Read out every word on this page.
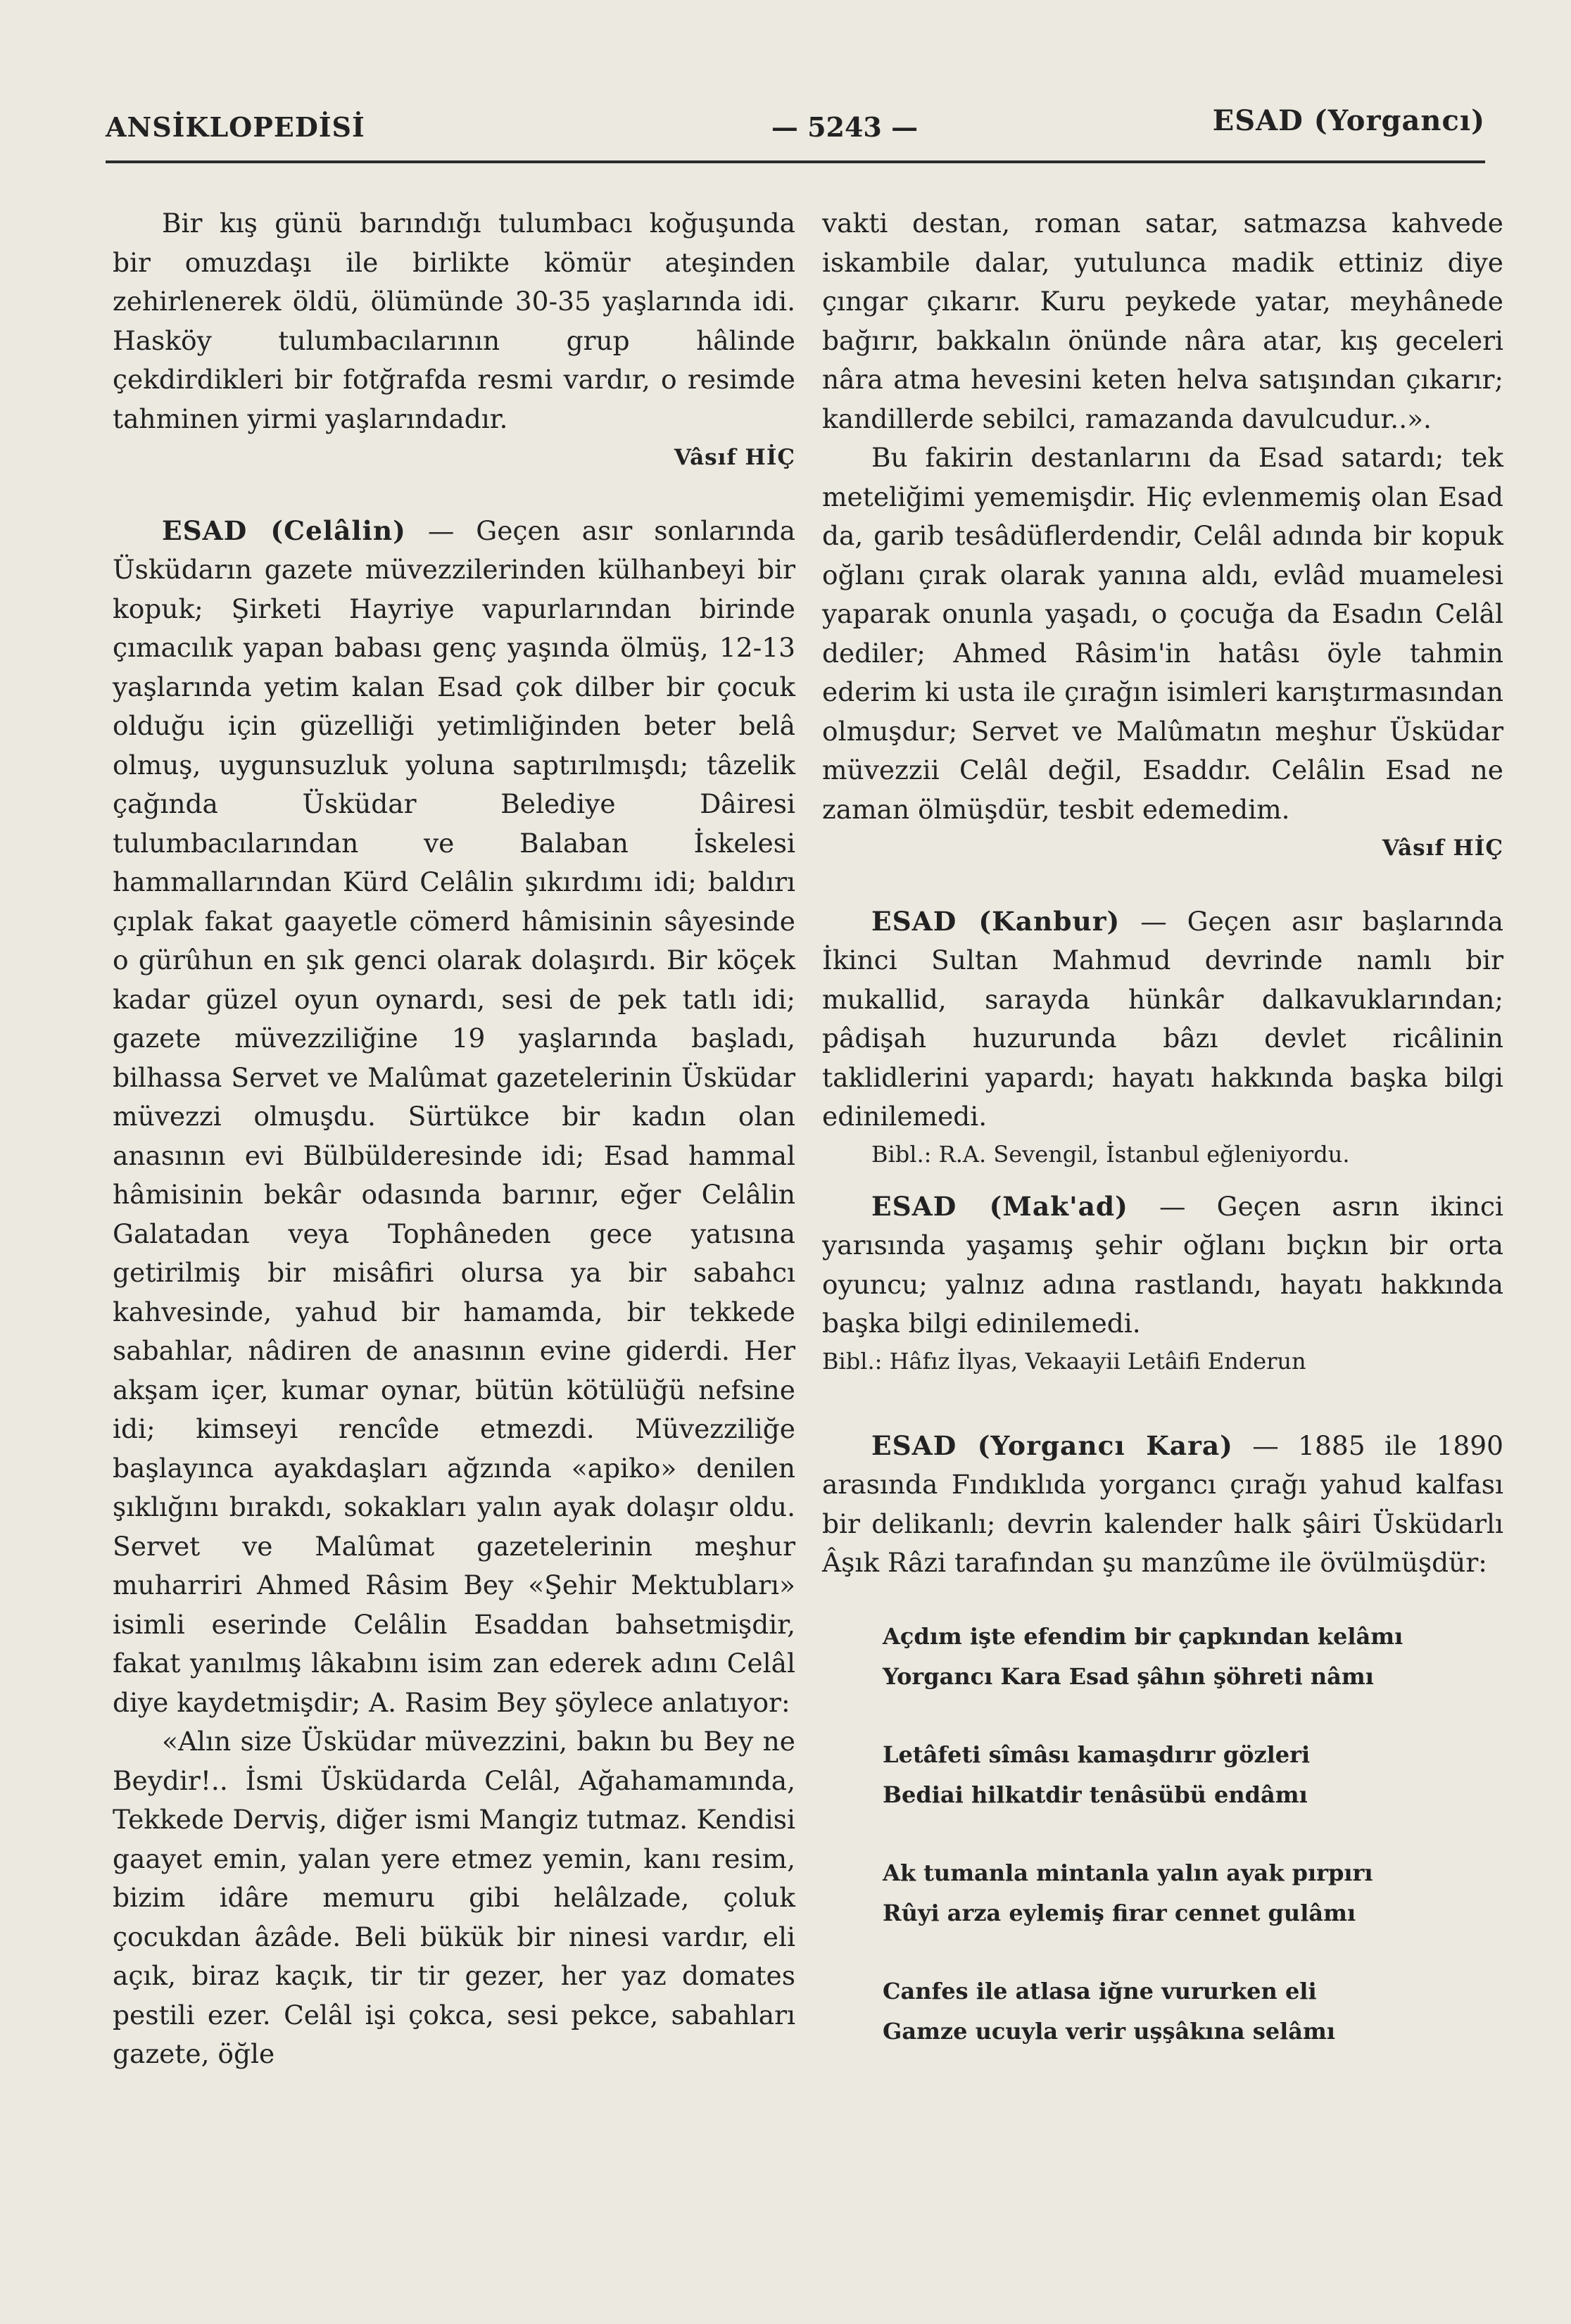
ANSİKLOPEDİSİ	— 5243 —	ESAD (Yorgancı)

Bir kış günü barındığı tulumbacı koğuşunda bir omuzdaşı ile birlikte kömür ateşinden zehirlenerek öldü, ölümünde 30-35 yaşlarında idi. Hasköy tulumbacılarının grup hâlinde çekdirdikleri bir fotğrafda resmi vardır, o resimde tahminen yirmi yaşlarındadır.

Vâsıf HİÇ

ESAD (Celâlin) — Geçen asır sonlarında Üsküdarın gazete müvezzilerinden külhanbeyi bir kopuk; Şirketi Hayriye vapurlarından birinde çımacılık yapan babası genç yaşında ölmüş, 12-13 yaşlarında yetim kalan Esad çok dilber bir çocuk olduğu için güzelliği yetimliğinden beter belâ olmuş, uygunsuzluk yoluna saptırılmışdı; tâzelik çağında Üsküdar Belediye Dâiresi tulumbacılarından ve Balaban İskelesi hammallarından Kürd Celâlin şıkırdımı idi; baldırı çıplak fakat gaayetle cömerd hâmisinin sâyesinde o gürûhun en şık genci olarak dolaşırdı. Bir köçek kadar güzel oyun oynardı, sesi de pek tatlı idi; gazete müvezziliğine 19 yaşlarında başladı, bilhassa Servet ve Malûmat gazetelerinin Üsküdar müvezzi olmuşdu. Sürtükce bir kadın olan anasının evi Bülbülderesinde idi; Esad hammal hâmisinin bekâr odasında barınır, eğer Celâlin Galatadan veya Tophâneden gece yatısına getirilmiş bir misâfiri olursa ya bir sabahcı kahvesinde, yahud bir hamamda, bir tekkede sabahlar, nâdiren de anasının evine giderdi. Her akşam içer, kumar oynar, bütün kötülüğü nefsine idi; kimseyi rencîde etmezdi. Müvezziliğe başlayınca ayakdaşları ağzında «apiko» denilen şıklığını bırakdı, sokakları yalın ayak dolaşır oldu. Servet ve Malûmat gazetelerinin meşhur muharriri Ahmed Râsim Bey «Şehir Mektubları» isimli eserinde Celâlin Esaddan bahsetmişdir, fakat yanılmış lâkabını isim zan ederek adını Celâl diye kaydetmişdir; A. Rasim Bey şöylece anlatıyor:

«Alın size Üsküdar müvezzini, bakın bu Bey ne Beydir!.. İsmi Üsküdarda Celâl, Ağahamamında, Tekkede Derviş, diğer ismi Mangiz tutmaz. Kendisi gaayet emin, yalan yere etmez yemin, kanı resim, bizim idâre memuru gibi helâlzade, çoluk çocukdan âzâde. Beli bükük bir ninesi vardır, eli açık, biraz kaçık, tir tir gezer, her yaz domates pestili ezer. Celâl işi çokca, sesi pekce, sabahları gazete, öğle

vakti destan, roman satar, satmazsa kahvede iskambile dalar, yutulunca madik ettiniz diye çıngar çıkarır. Kuru peykede yatar, meyhânede bağırır, bakkalın önünde nâra atar, kış geceleri nâra atma hevesini keten helva satışından çıkarır; kandillerde sebilci, ramazanda davulcudur..».

Bu fakirin destanlarını da Esad satardı; tek meteliğimi yememişdir. Hiç evlenmemiş olan Esad da, garib tesâdüflerdendir, Celâl adında bir kopuk oğlanı çırak olarak yanına aldı, evlâd muamelesi yaparak onunla yaşadı, o çocuğa da Esadın Celâl dediler; Ahmed Râsim'in hatâsı öyle tahmin ederim ki usta ile çırağın isimleri karıştırmasından olmuşdur; Servet ve Malûmatın meşhur Üsküdar müvezzii Celâl değil, Esaddır. Celâlin Esad ne zaman ölmüşdür, tesbit edemedim.

Vâsıf HİÇ

ESAD (Kanbur) — Geçen asır başlarında İkinci Sultan Mahmud devrinde namlı bir mukallid, sarayda hünkâr dalkavuklarından; pâdişah huzurunda bâzı devlet ricâlinin taklidlerini yapardı; hayatı hakkında başka bilgi edinilemedi.

Bibl.: R.A. Sevengil, İstanbul eğleniyordu.

ESAD (Mak'ad) — Geçen asrın ikinci yarısında yaşamış şehir oğlanı bıçkın bir orta oyuncu; yalnız adına rastlandı, hayatı hakkında başka bilgi edinilemedi.

Bibl.: Hâfız İlyas, Vekaayii Letâifi Enderun

ESAD (Yorgancı Kara) — 1885 ile 1890 arasında Fındıklıda yorgancı çırağı yahud kalfası bir delikanlı; devrin kalender halk şâiri Üsküdarlı Âşık Râzi tarafından şu manzûme ile övülmüşdür:

Açdım işte efendim bir çapkından kelâmı
Yorgancı Kara Esad şâhın şöhreti nâmı
Letâfeti sîmâsı kamaşdırır gözleri
Bediai hilkatdir tenâsübü endâmı
Ak tumanla mintanla yalın ayak pırpırı
Rûyi arza eylemiş firar cennet gulâmı
Canfes ile atlasa iğne vururken eli
Gamze ucuyla verir uşşâkına selâmı
